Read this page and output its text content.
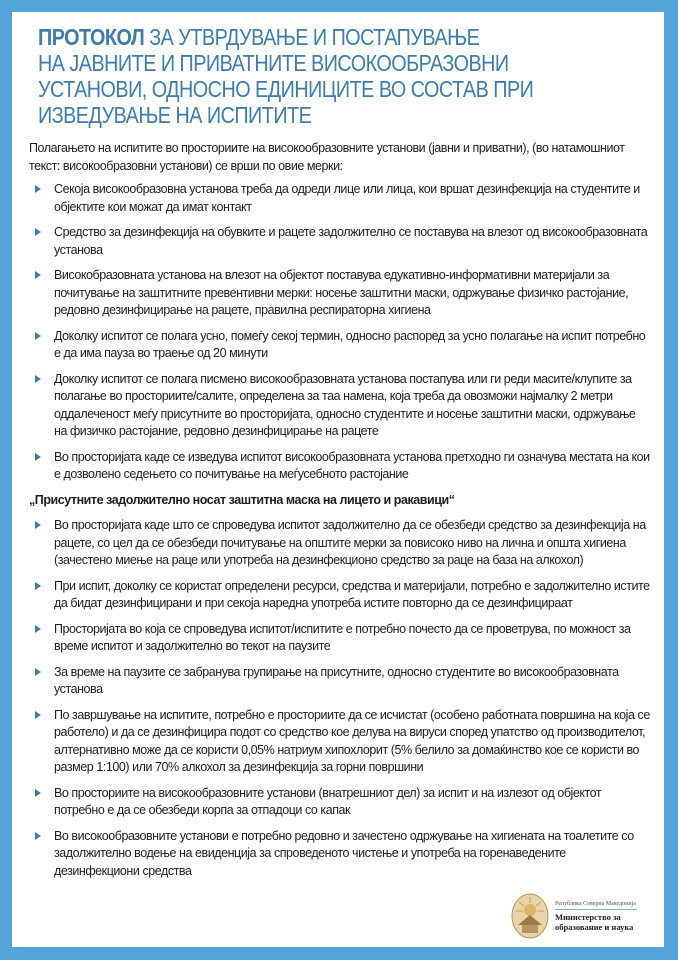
ПРОТОКОЛ ЗА УТВРДУВАЊЕ И ПОСТАПУВАЊЕ
НА ЈАВНИТЕ И ПРИВАТНИТЕ ВИСОКООБРАЗОВНИ
УСТАНОВИ, ОДНОСНО ЕДИНИЦИТЕ ВО СОСТАВ ПРИ
ИЗВЕДУВАЊЕ НА ИСПИТИТЕ

Полагањето на испитите во просториите на високообразовните установи (јавни и приватни), (во натамошниот текст: високообразовни установи) се врши по овие мерки:

Секоја високообразовна установа треба да одреди лице или лица, кои вршат дезинфекција на студентите и објектите кои можат да имат контакт
Средство за дезинфекција на обувките и рацете задолжително се поставува на влезот од високообразовната установа
Високобразовната установа на влезот на објектот поставува едукативно-информативни материјали за почитување на заштитните превентивни мерки: носење заштитни маски, одржување физичко растојание, редовно дезинфицирање на рацете, правилна респираторна хигиена
Доколку испитот се полага усно, помеѓу секој термин, односно распоред за усно полагање на испит потребно е да има пауза во траење од 20 минути
Доколку испитот се полага писмено високообразовната установа постапува или ги реди масите/клупите за полагање во просториите/салите, определена за таа намена, која треба да овозможи најмалку 2 метри оддалеченост меѓу присутните во просторијата, односно студентите и носење заштитни маски, одржување на физичко растојание, редовно дезинфицирање на рацете
Во просторијата каде се изведува испитот високообразовната установа претходно ги означува местата на кои е дозволено седењето со почитување на меѓусебното растојание

„Присутните задолжително носат заштитна маска на лицето и ракавици“

Во просторијата каде што се спроведува испитот задолжително да се обезбеди средство за дезинфекција на рацете, со цел да се обезбеди почитување на општите мерки за повисоко ниво на лична и општа хигиена (зачестено миење на раце или употреба на дезинфекционо средство за раце на база на алкохол)
При испит, доколку се користат определени ресурси, средства и материјали, потребно е задолжително истите да бидат дезинфицирани и при секоја наредна употреба истите повторно да се дезинфицираат
Просторијата во која се спроведува испитот/испитите е потребно почесто да се проветрува, по можност за време испитот и задолжително во текот на паузите
За време на паузите се забранува групирање на присутните, односно студентите во високообразовната установа
По завршување на испитите, потребно е просториите да се исчистат (особено работната површина на која се работело) и да се дезинфицира подот со средство кое делува на вируси според упатство од производителот, алтернативно може да се користи 0,05% натриум хипохлорит (5% белило за домаќинство кое се користи во размер 1:100) или 70% алкохол за дезинфекција за горни површини
Во просториите на високообразовните установи (внатрешниот дел) за испит и на излезот од објектот потребно е да се обезбеди корпа за отпадоци со капак
Во високообразовните установи е потребно редовно и зачестено одржување на хигиената на тоалетите со задолжително водење на евиденција за спроведеното чистење и употреба на горенаведените дезинфекциони средства
Република Северна Македонија
Министерство за образование и наука
